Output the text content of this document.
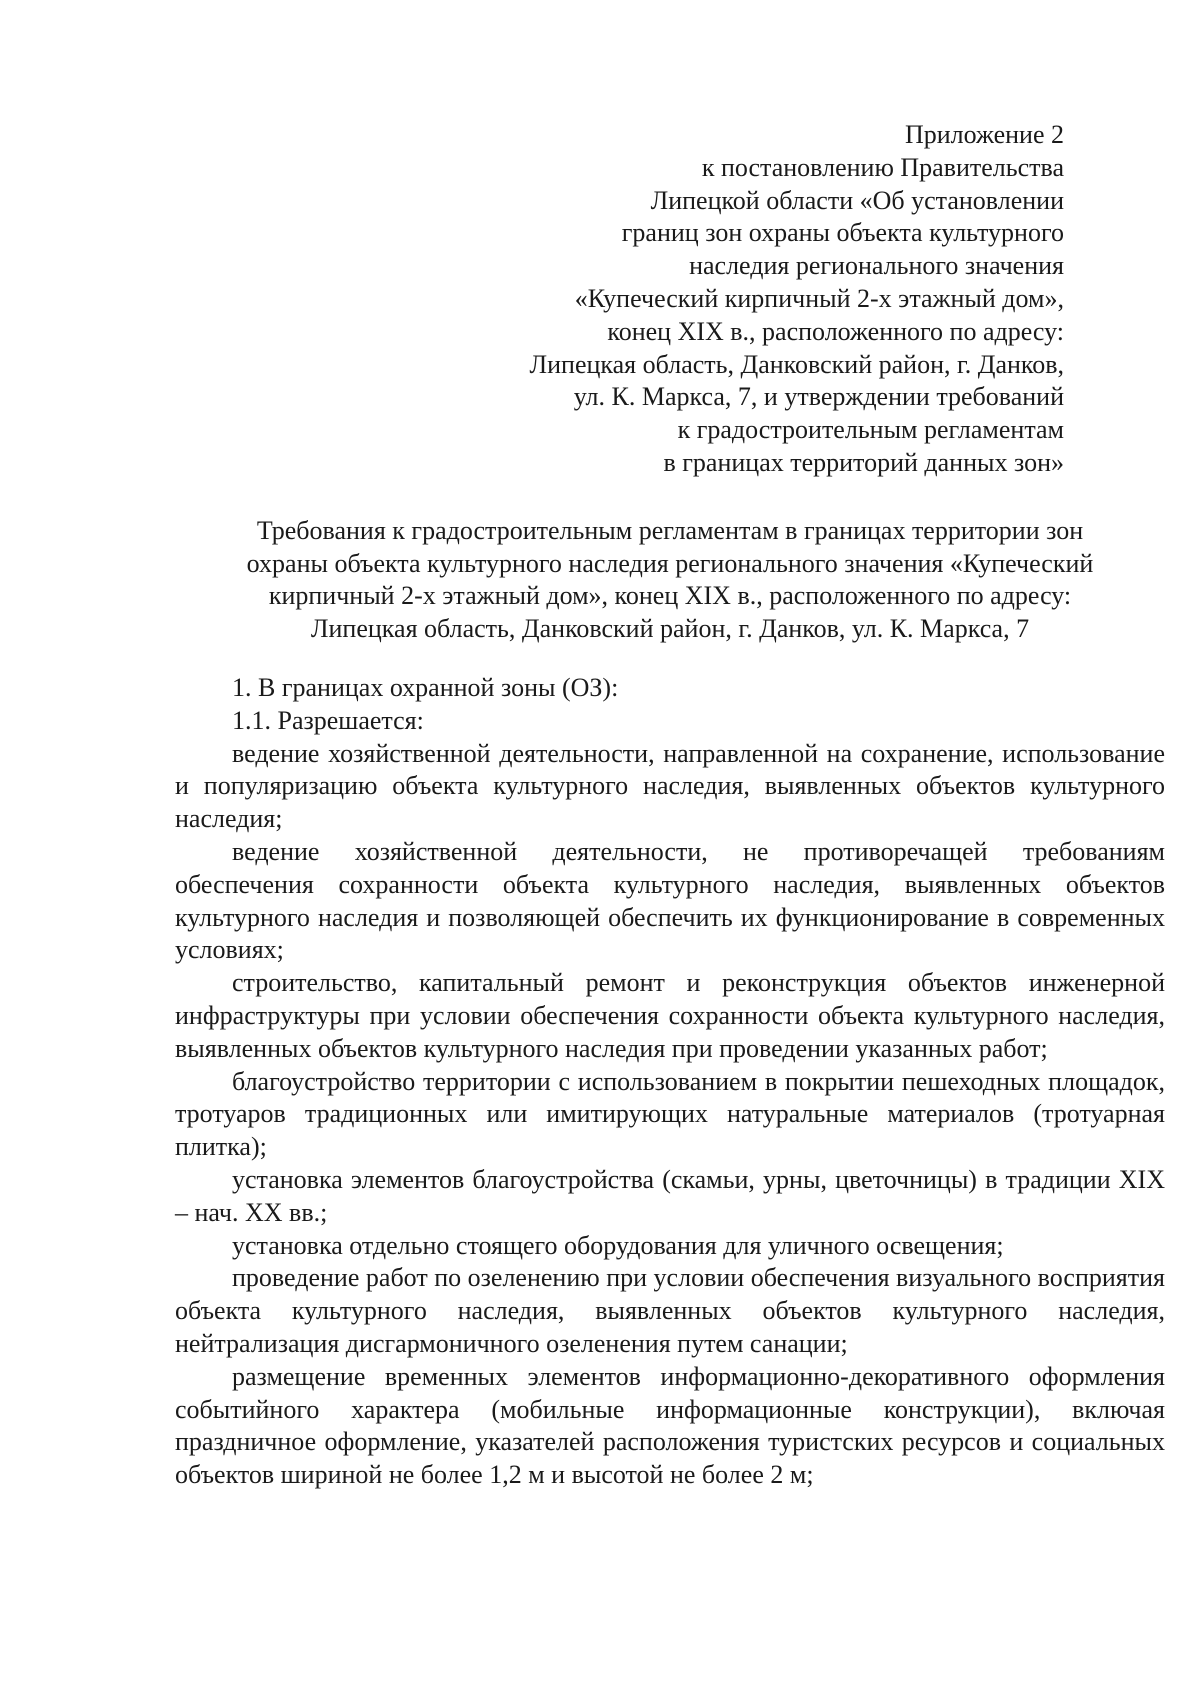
Приложение 2
к постановлению Правительства
Липецкой области «Об установлении
границ зон охраны объекта культурного
наследия регионального значения
«Купеческий кирпичный 2-х этажный дом»,
конец XIX в., расположенного по адресу:
Липецкая область, Данковский район, г. Данков,
ул. К. Маркса, 7, и утверждении требований
к градостроительным регламентам
в границах территорий данных зон»
Требования к градостроительным регламентам в границах территории зон
охраны объекта культурного наследия регионального значения «Купеческий
кирпичный 2-х этажный дом», конец XIX в., расположенного по адресу:
Липецкая область, Данковский район, г. Данков, ул. К. Маркса, 7

1. В границах охранной зоны (ОЗ):

1.1. Разрешается:

ведение хозяйственной деятельности, направленной на сохранение, использование и популяризацию объекта культурного наследия, выявленных объектов культурного наследия;

ведение хозяйственной деятельности, не противоречащей требованиям обеспечения сохранности объекта культурного наследия, выявленных объектов культурного наследия и позволяющей обеспечить их функционирование в современных условиях;

строительство, капитальный ремонт и реконструкция объектов инженерной инфраструктуры при условии обеспечения сохранности объекта культурного наследия, выявленных объектов культурного наследия при проведении указанных работ;

благоустройство территории с использованием в покрытии пешеходных площадок, тротуаров традиционных или имитирующих натуральные материалов (тротуарная плитка);

установка элементов благоустройства (скамьи, урны, цветочницы) в традиции XIX – нач. XX вв.;

установка отдельно стоящего оборудования для уличного освещения;

проведение работ по озеленению при условии обеспечения визуального восприятия объекта культурного наследия, выявленных объектов культурного наследия, нейтрализация дисгармоничного озеленения путем санации;

размещение временных элементов информационно-декоративного оформления событийного характера (мобильные информационные конструкции), включая праздничное оформление, указателей расположения туристских ресурсов и социальных объектов шириной не более 1,2 м и высотой не более 2 м;
